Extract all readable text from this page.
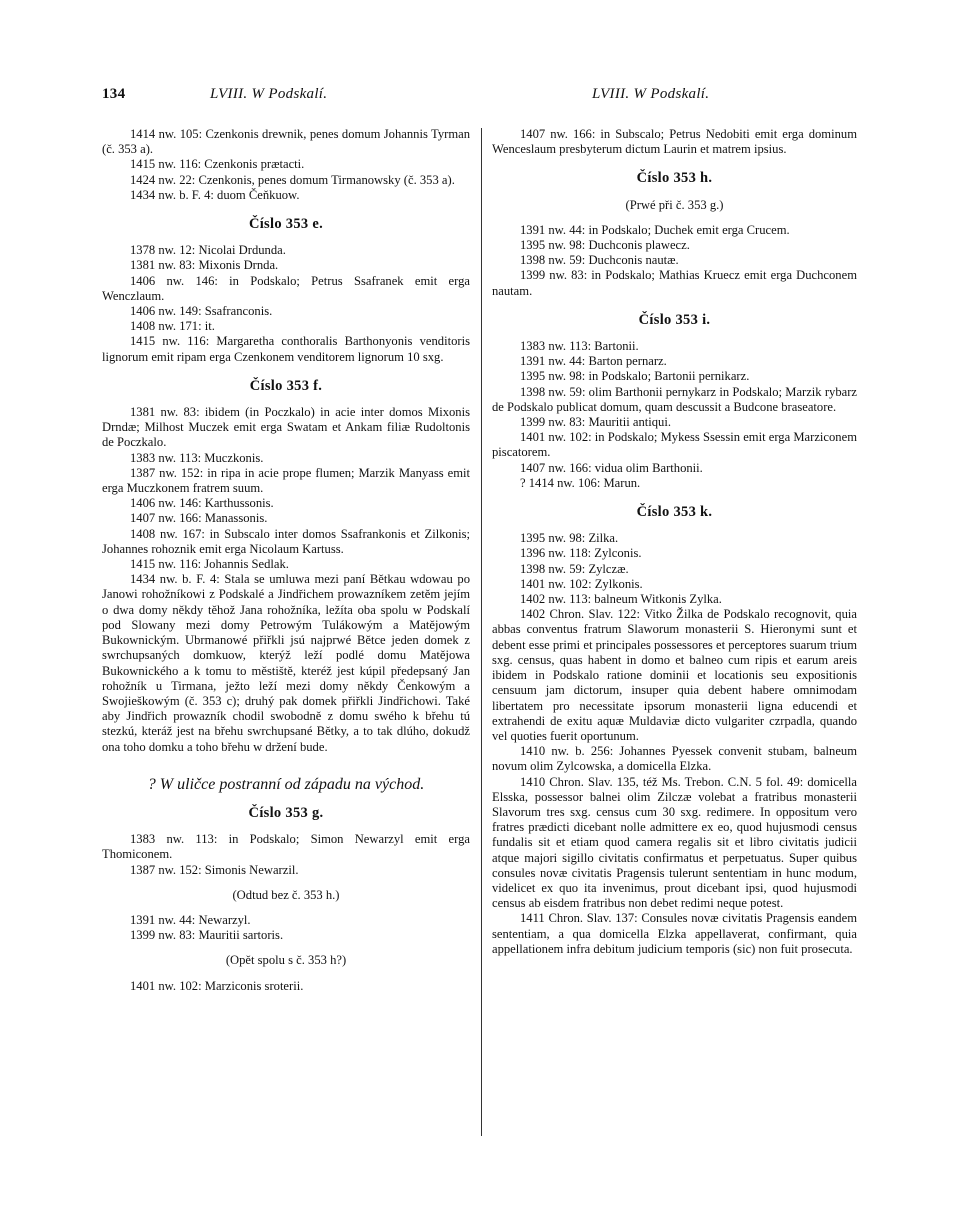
134	LVIII. W Podskalí.	LVIII. W Podskalí.
1414 nw. 105: Czenkonis drewnik, penes domum Johannis Tyrman (č. 353 a).
1415 nw. 116: Czenkonis prætacti.
1424 nw. 22: Czenkonis, penes domum Tirmanowsky (č. 353 a).
1434 nw. b. F. 4: duom Čeňkuow.
Číslo 353 e.
1378 nw. 12: Nicolai Drdunda.
1381 nw. 83: Mixonis Drnda.
1406 nw. 146: in Podskalo; Petrus Ssafranek emit erga Wenczlaum.
1406 nw. 149: Ssafranconis.
1408 nw. 171: it.
1415 nw. 116: Margaretha conthoralis Barthonyonis venditoris lignorum emit ripam erga Czenkonem venditorem lignorum 10 sxg.
Číslo 353 f.
1381 nw. 83: ibidem (in Poczkalo) in acie inter domos Mixonis Drndæ; Milhost Muczek emit erga Swatam et Ankam filiæ Rudoltonis de Poczkalo.
1383 nw. 113: Muczkonis.
1387 nw. 152: in ripa in acie prope flumen; Marzik Manyass emit erga Muczkonem fratrem suum.
1406 nw. 146: Karthussonis.
1407 nw. 166: Manassonis.
1408 nw. 167: in Subscalo inter domos Ssafrankonis et Zilkonis; Johannes rohoznik emit erga Nicolaum Kartuss.
1415 nw. 116: Johannis Sedlak.
1434 nw. b. F. 4: Stala se umluwa mezi paní Bětkau wdowau po Janowi rohožníkowi z Podskalé a Jindřichem prowazníkem zetěm jejím o dwa domy někdy těhož Jana rohožníka, ležíta oba spolu w Podskalí pod Slowany mezi domy Petrowým Tulákowým a Matějowým Bukownickým. Ubrmanowé přiřkli jsú najprwé Bětce jeden domek z swrchupsaných domkuow, kterýž leží podlé domu Matějowa Bukownického a k tomu to městiště, kteréž jest kúpil předepsaný Jan rohožník u Tirmana, ježto leží mezi domy někdy Čenkowým a Swojieškowým (č. 353 c); druhý pak domek přiřkli Jindřichowi. Také aby Jindřich prowazník chodil swobodně z domu swého k břehu tú stezkú, kteráž jest na břehu swrchupsané Bětky, a to tak dlúho, dokudž ona toho domku a toho břehu w držení bude.
? W uličce postranní od západu na východ.
Číslo 353 g.
1383 nw. 113: in Podskalo; Simon Newarzyl emit erga Thomiconem.
1387 nw. 152: Simonis Newarzil.
(Odtud bez č. 353 h.)
1391 nw. 44: Newarzyl.
1399 nw. 83: Mauritii sartoris.
(Opět spolu s č. 353 h?)
1401 nw. 102: Marziconis sroterii.
1407 nw. 166: in Subscalo; Petrus Nedobiti emit erga dominum Wenceslaum presbyterum dictum Laurin et matrem ipsius.
Číslo 353 h.
(Prwé při č. 353 g.)
1391 nw. 44: in Podskalo; Duchek emit erga Crucem.
1395 nw. 98: Duchconis plawecz.
1398 nw. 59: Duchconis nautæ.
1399 nw. 83: in Podskalo; Mathias Kruecz emit erga Duchconem nautam.
Číslo 353 i.
1383 nw. 113: Bartonii.
1391 nw. 44: Barton pernarz.
1395 nw. 98: in Podskalo; Bartonii pernikarz.
1398 nw. 59: olim Barthonii pernykarz in Podskalo; Marzik rybarz de Podskalo publicat domum, quam descussit a Budcone braseatore.
1399 nw. 83: Mauritii antiqui.
1401 nw. 102: in Podskalo; Mykess Ssessin emit erga Marziconem piscatorem.
1407 nw. 166: vidua olim Barthonii.
? 1414 nw. 106: Marun.
Číslo 353 k.
1395 nw. 98: Zilka.
1396 nw. 118: Zylconis.
1398 nw. 59: Zylczæ.
1401 nw. 102: Zylkonis.
1402 nw. 113: balneum Witkonis Zylka.
1402 Chron. Slav. 122: Vitko Žilka de Podskalo recognovit, quia abbas conventus fratrum Slaworum monasterii S. Hieronymi sunt et debent esse primi et principales possessores et perceptores suarum trium sxg. census, quas habent in domo et balneo cum ripis et earum areis ibidem in Podskalo ratione dominii et locationis seu expositionis censuum jam dictorum, insuper quia debent habere omnimodam libertatem pro necessitate ipsorum monasterii ligna educendi et extrahendi de exitu aquæ Muldaviæ dicto vulgariter czrpadla, quando vel quoties fuerit oportunum.
1410 nw. b. 256: Johannes Pyessek convenit stubam, balneum novum olim Zylcowska, a domicella Elzka.
1410 Chron. Slav. 135, též Ms. Trebon. C.N. 5 fol. 49: domicella Elsska, possessor balnei olim Zilczæ volebat a fratribus monasterii Slavorum tres sxg. census cum 30 sxg. redimere. In oppositum vero fratres prædicti dicebant nolle admittere ex eo, quod hujusmodi census fundalis sit et etiam quod camera regalis sit et libro civitatis judicii atque majori sigillo civitatis confirmatus et perpetuatus. Super quibus consules novæ civitatis Pragensis tulerunt sententiam in hunc modum, videlicet ex quo ita invenimus, prout dicebant ipsi, quod hujusmodi census ab eisdem fratribus non debet redimi neque potest.
1411 Chron. Slav. 137: Consules novæ civitatis Pragensis eandem sententiam, a qua domicella Elzka appellaverat, confirmant, quia appellationem infra debitum judicium temporis (sic) non fuit prosecuta.
